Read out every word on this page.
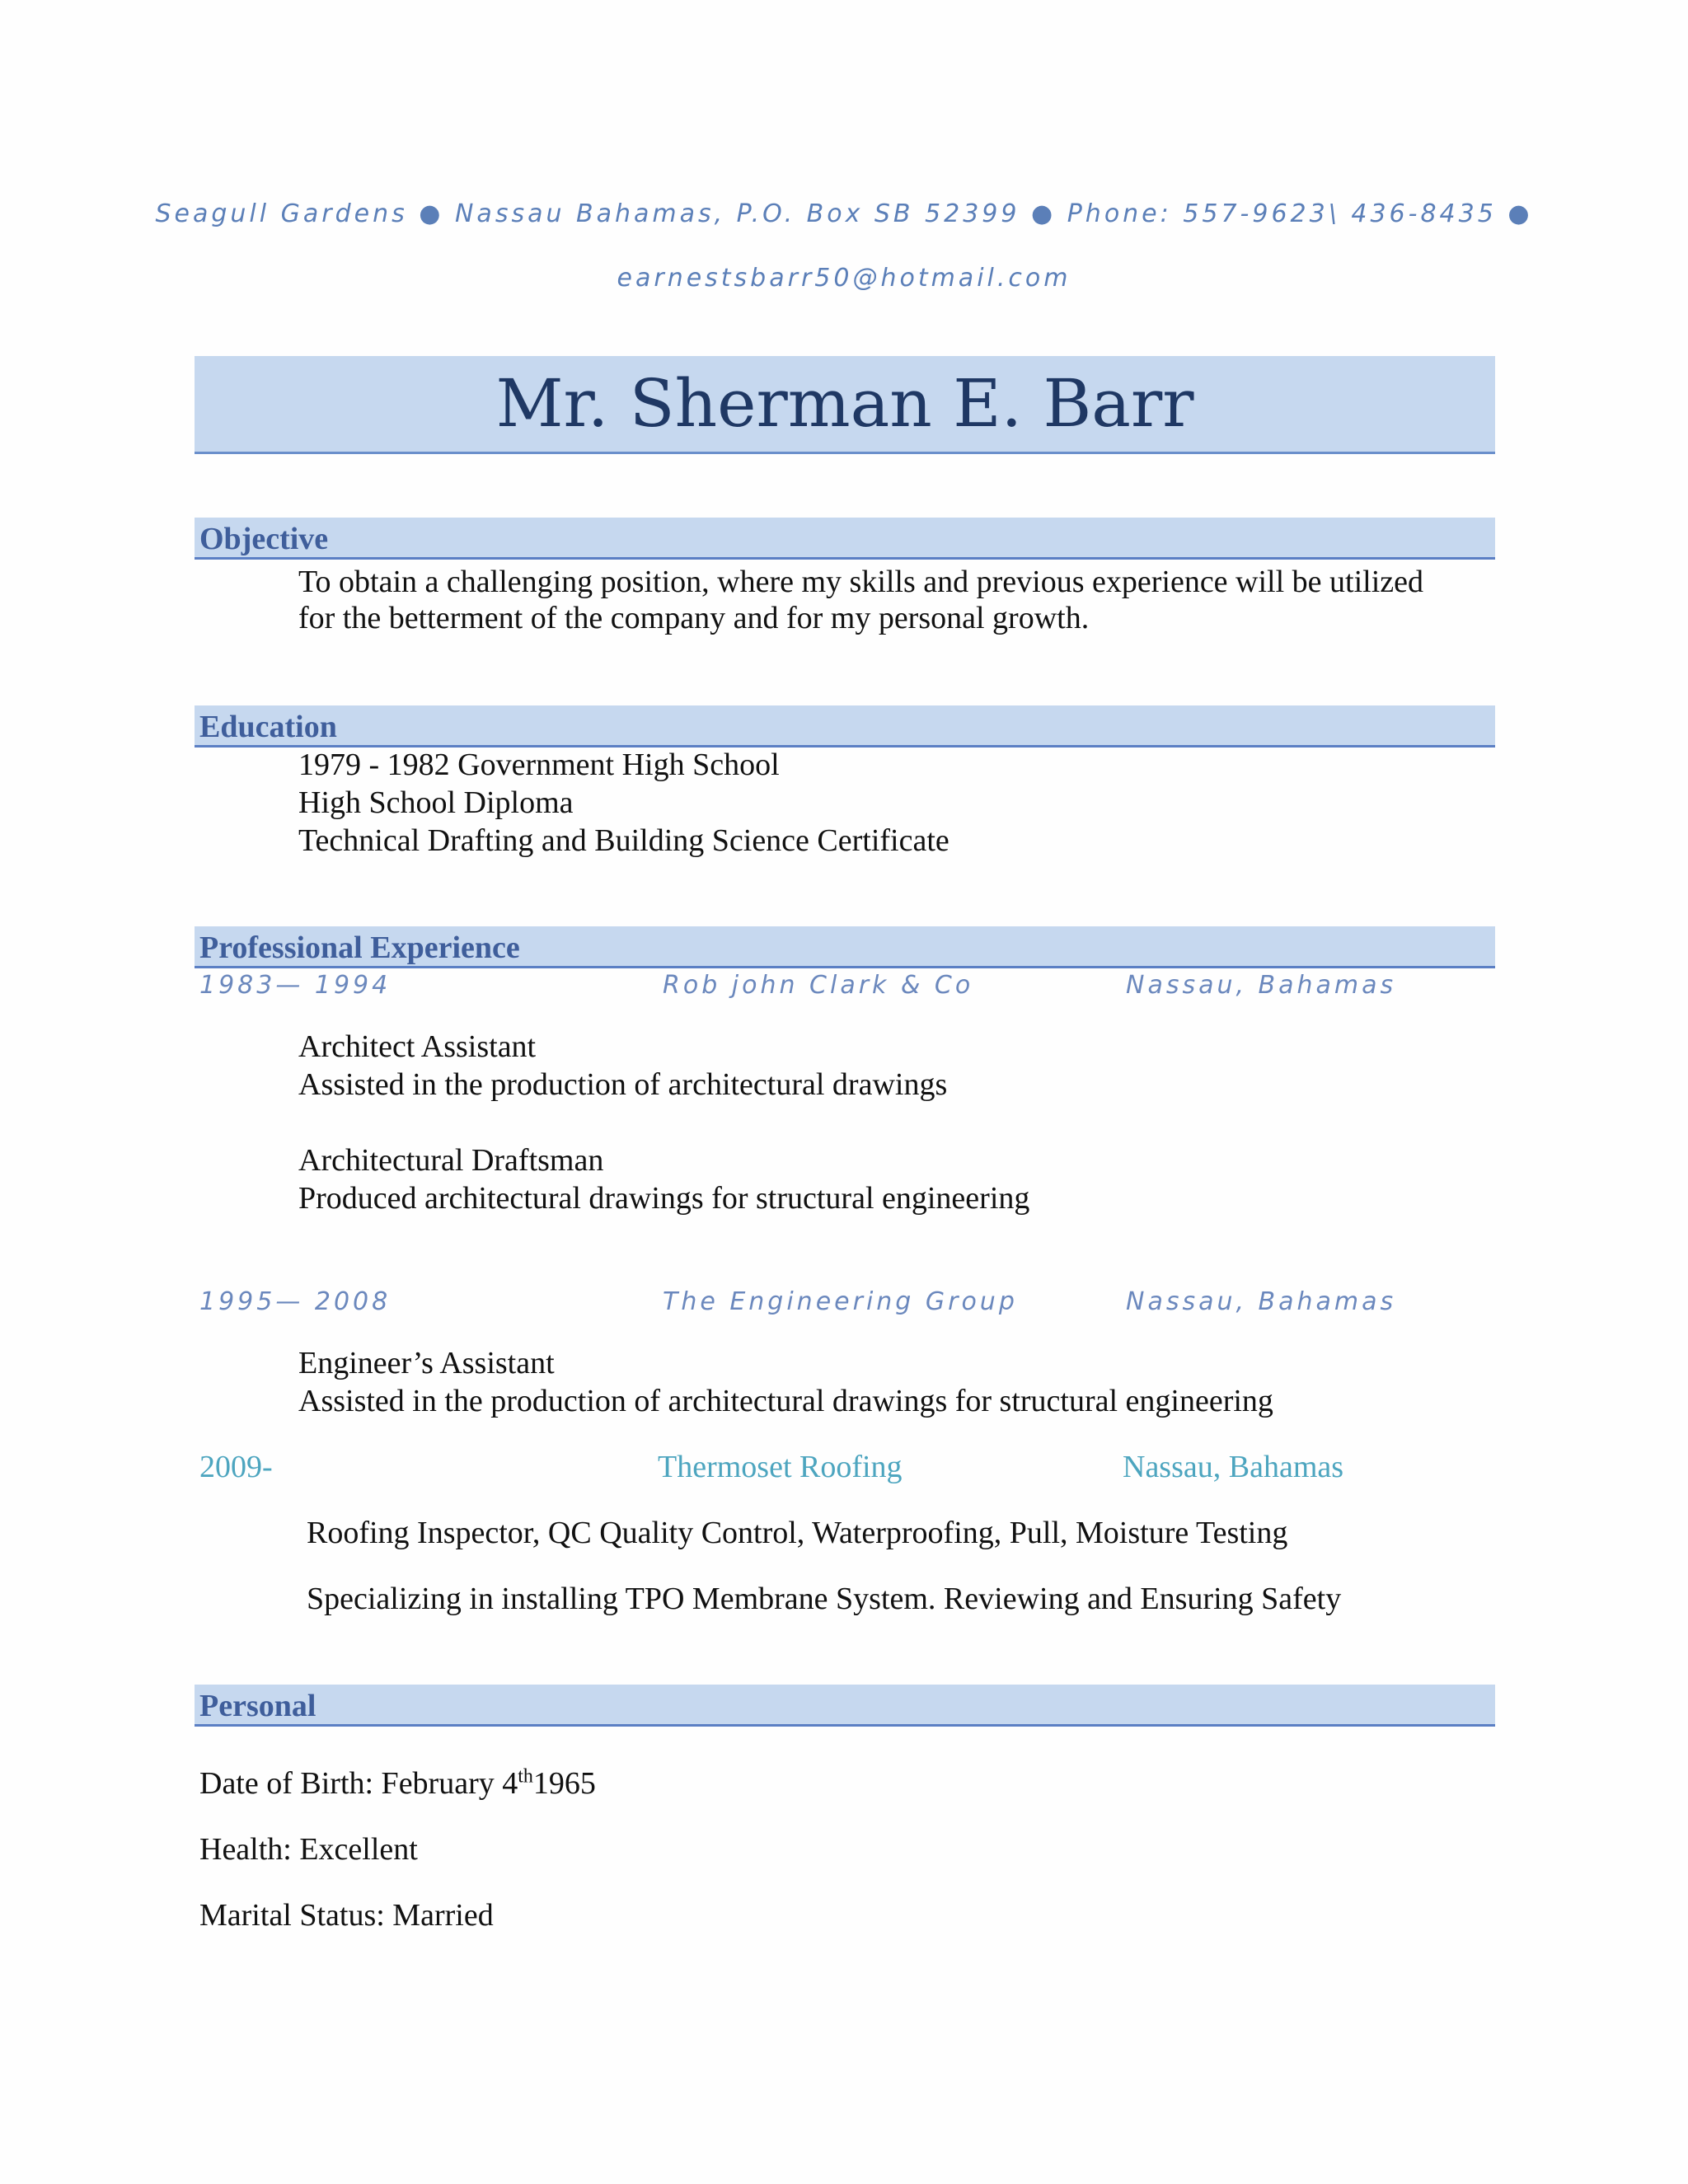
Seagull Gardens ● Nassau Bahamas, P.O. Box SB 52399 ● Phone: 557-9623\ 436-8435 ●
earnestsbarr50@hotmail.com
Mr. Sherman E. Barr
Objective
To obtain a challenging position, where my skills and previous experience will be utilized
for the betterment of the company and for my personal growth.
Education
1979 - 1982 Government High School
High School Diploma
Technical Drafting and Building Science Certificate
Professional Experience
1983— 1994	Rob john Clark & Co	Nassau, Bahamas
Architect Assistant
Assisted in the production of architectural drawings
Architectural Draftsman
Produced architectural drawings for structural engineering
1995— 2008	The Engineering Group	Nassau, Bahamas
Engineer’s Assistant
Assisted in the production of architectural drawings for structural engineering
2009-	Thermoset Roofing	Nassau, Bahamas
Roofing Inspector, QC Quality Control, Waterproofing, Pull, Moisture Testing
Specializing in installing TPO Membrane System. Reviewing and Ensuring Safety
Personal
Date of Birth: February 4th1965
Health: Excellent
Marital Status: Married
